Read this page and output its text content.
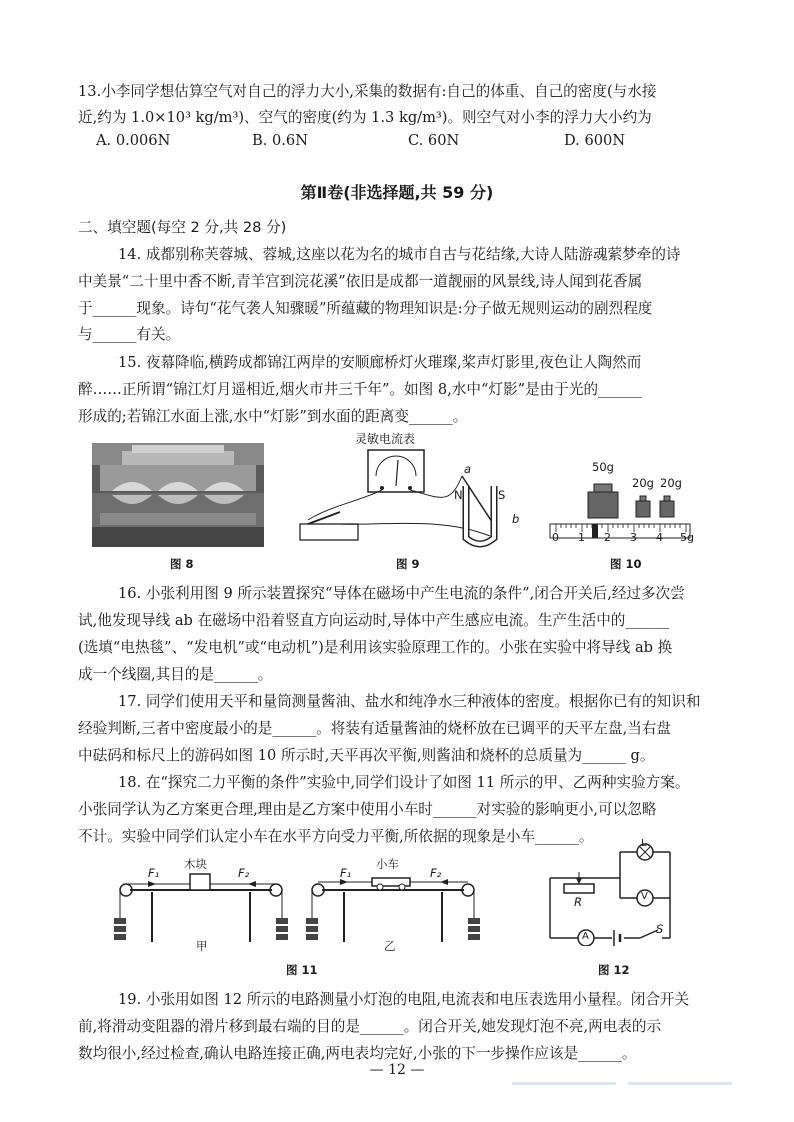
13.小李同学想估算空气对自己的浮力大小,采集的数据有:自己的体重、自己的密度(与水接
近,约为 1.0×10³ kg/m³)、空气的密度(约为 1.3 kg/m³)。则空气对小李的浮力大小约为
A. 0.006N	B. 0.6N	C. 60N	D. 600N
第Ⅱ卷(非选择题,共 59 分)
二、填空题(每空 2 分,共 28 分)
14. 成都别称芙蓉城、蓉城,这座以花为名的城市自古与花结缘,大诗人陆游魂萦梦牵的诗
中美景“二十里中香不断,青羊宫到浣花溪”依旧是成都一道靓丽的风景线,诗人闻到花香属
于______现象。诗句“花气袭人知骤暖”所蕴藏的物理知识是:分子做无规则运动的剧烈程度
与______有关。
15. 夜幕降临,横跨成都锦江两岸的安顺廊桥灯火璀璨,桨声灯影里,夜色让人陶然而
醉……正所谓“锦江灯月遥相近,烟火市井三千年”。如图 8,水中“灯影”是由于光的______
形成的;若锦江水面上涨,水中“灯影”到水面的距离变______。
图 8
灵敏电流表
a
b
N	S
图 9
50g
20g 20g
0 1 2 3 4 5g
图 10
16. 小张利用图 9 所示装置探究“导体在磁场中产生电流的条件”,闭合开关后,经过多次尝
试,他发现导线 ab 在磁场中沿着竖直方向运动时,导体中产生感应电流。生产生活中的______
(选填“电热毯”、“发电机”或“电动机”)是利用该实验原理工作的。小张在实验中将导线 ab 换
成一个线圈,其目的是______。
17. 同学们使用天平和量筒测量酱油、盐水和纯净水三种液体的密度。根据你已有的知识和
经验判断,三者中密度最小的是______。将装有适量酱油的烧杯放在已调平的天平左盘,当右盘
中砝码和标尺上的游码如图 10 所示时,天平再次平衡,则酱油和烧杯的总质量为______ g。
18. 在“探究二力平衡的条件”实验中,同学们设计了如图 11 所示的甲、乙两种实验方案。
小张同学认为乙方案更合理,理由是乙方案中使用小车时______对实验的影响更小,可以忽略
不计。实验中同学们认定小车在水平方向受力平衡,所依据的现象是小车______。
木块
F₁	F₂
甲
小车
F₁	F₂
乙
图 11
L
V
A
R
S
图 12
19. 小张用如图 12 所示的电路测量小灯泡的电阻,电流表和电压表选用小量程。闭合开关
前,将滑动变阻器的滑片移到最右端的目的是______。闭合开关,她发现灯泡不亮,两电表的示
数均很小,经过检查,确认电路连接正确,两电表均完好,小张的下一步操作应该是______。
— 12 —
